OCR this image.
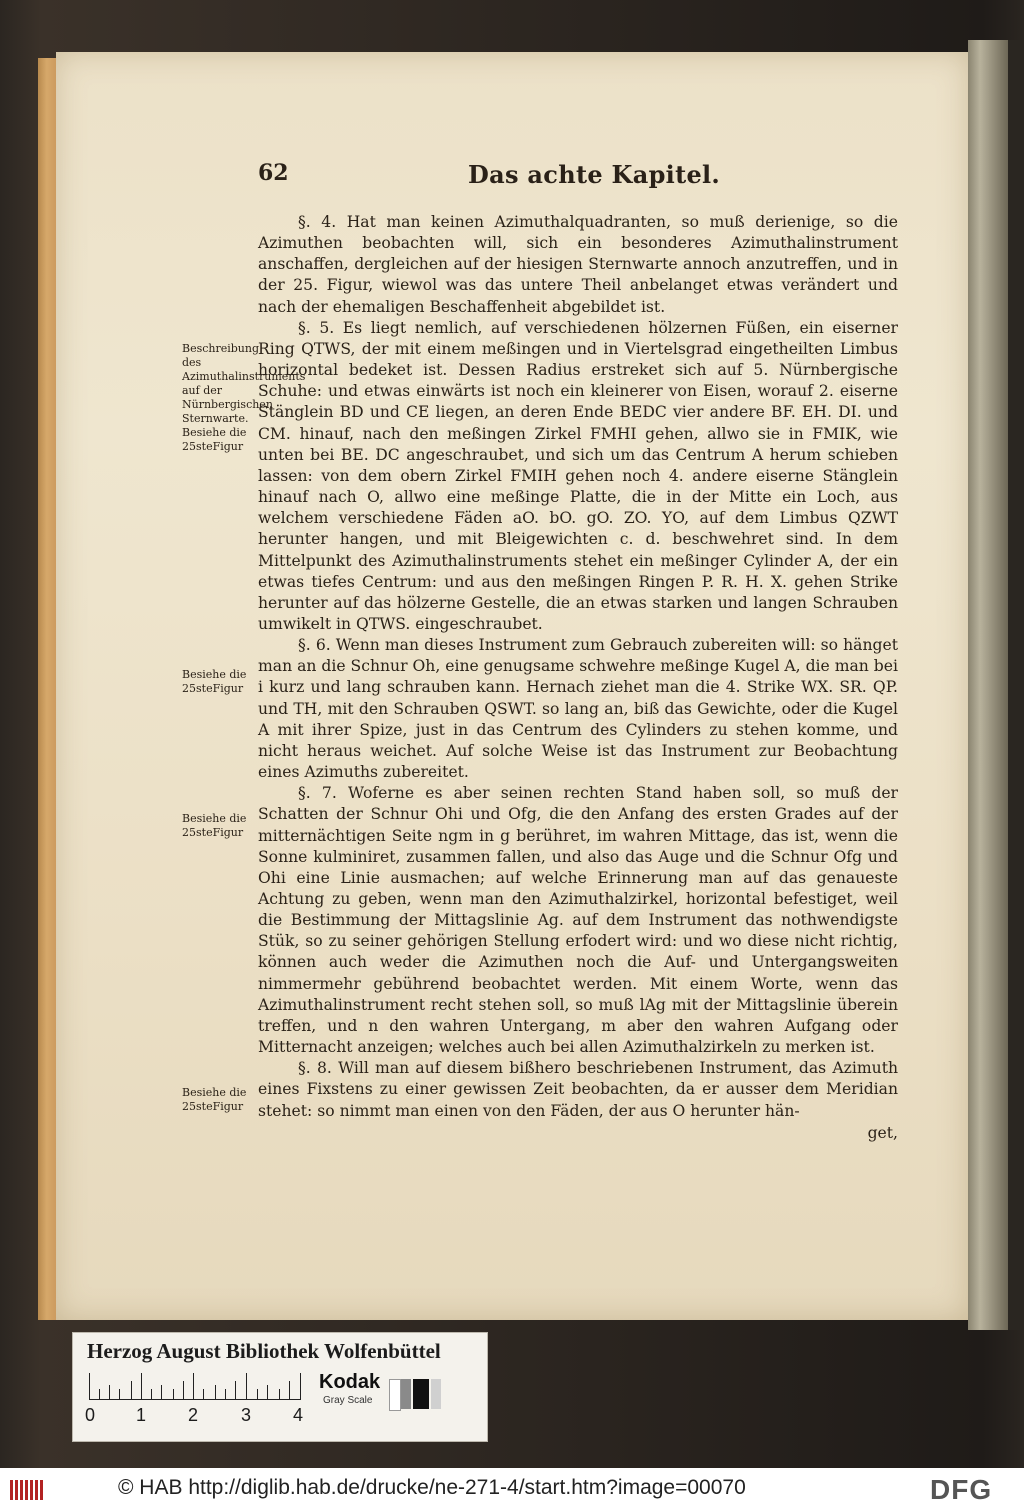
62	Das achte Kapitel.

§. 4. Hat man keinen Azimuthalquadranten, so muß derienige, so die Azimuthen beobachten will, sich ein besonderes Azimuthalinstrument anschaffen, dergleichen auf der hiesigen Sternwarte annoch anzutreffen, und in der 25. Figur, wiewol was das untere Theil anbelanget etwas verändert und nach der ehemaligen Beschaffenheit abgebildet ist.

§. 5. Es liegt nemlich, auf verschiedenen hölzernen Füßen, ein eiserner Ring QTWS, der mit einem meßingen und in Viertelsgrad eingetheilten Limbus horizontal bedeket ist. Dessen Radius erstreket sich auf 5. Nürnbergische Schuhe: und etwas einwärts ist noch ein kleinerer von Eisen, worauf 2. eiserne Stänglein BD und CE liegen, an deren Ende BEDC vier andere BF. EH. DI. und CM. hinauf, nach den meßingen Zirkel FMHI gehen, allwo sie in FMIK, wie unten bei BE. DC angeschraubet, und sich um das Centrum A herum schieben lassen: von dem obern Zirkel FMIH gehen noch 4. andere eiserne Stänglein hinauf nach O, allwo eine meßinge Platte, die in der Mitte ein Loch, aus welchem verschiedene Fäden aO. bO. gO. ZO. YO, auf dem Limbus QZWT herunter hangen, und mit Bleigewichten c. d. beschwehret sind. In dem Mittelpunkt des Azimuthalinstruments stehet ein meßinger Cylinder A, der ein etwas tiefes Centrum: und aus den meßingen Ringen P. R. H. X. gehen Strike herunter auf das hölzerne Gestelle, die an etwas starken und langen Schrauben umwikelt in QTWS. eingeschraubet.

§. 6. Wenn man dieses Instrument zum Gebrauch zubereiten will: so hänget man an die Schnur Oh, eine genugsame schwehre meßinge Kugel A, die man bei i kurz und lang schrauben kann. Hernach ziehet man die 4. Strike WX. SR. QP. und TH, mit den Schrauben QSWT. so lang an, biß das Gewichte, oder die Kugel A mit ihrer Spize, just in das Centrum des Cylinders zu stehen komme, und nicht heraus weichet. Auf solche Weise ist das Instrument zur Beobachtung eines Azimuths zubereitet.

§. 7. Woferne es aber seinen rechten Stand haben soll, so muß der Schatten der Schnur Ohi und Ofg, die den Anfang des ersten Grades auf der mitternächtigen Seite ngm in g berühret, im wahren Mittage, das ist, wenn die Sonne kulminiret, zusammen fallen, und also das Auge und die Schnur Ofg und Ohi eine Linie ausmachen; auf welche Erinnerung man auf das genaueste Achtung zu geben, wenn man den Azimuthalzirkel, horizontal befestiget, weil die Bestimmung der Mittagslinie Ag. auf dem Instrument das nothwendigste Stük, so zu seiner gehörigen Stellung erfodert wird: und wo diese nicht richtig, können auch weder die Azimuthen noch die Auf- und Untergangsweiten nimmermehr gebührend beobachtet werden. Mit einem Worte, wenn das Azimuthalinstrument recht stehen soll, so muß lAg mit der Mittagslinie überein treffen, und n den wahren Untergang, m aber den wahren Aufgang oder Mitternacht anzeigen; welches auch bei allen Azimuthalzirkeln zu merken ist.

§. 8. Will man auf diesem bißhero beschriebenen Instrument, das Azimuth eines Fixstens zu einer gewissen Zeit beobachten, da er ausser dem Meridian stehet: so nimmt man einen von den Fäden, der aus O herunter hän-

Beschreibung des Azimuthalinstruments auf der Nürnbergischen Sternwarte. Besiehe die 25steFigur
Besiehe die 25steFigur
Besiehe die 25steFigur
Besiehe die 25steFigur
get,
Herzog August Bibliothek Wolfenbüttel
0 1 2 3 4
Kodak
Gray Scale
© HAB http://diglib.hab.de/drucke/ne-271-4/start.htm?image=00070	DFG
